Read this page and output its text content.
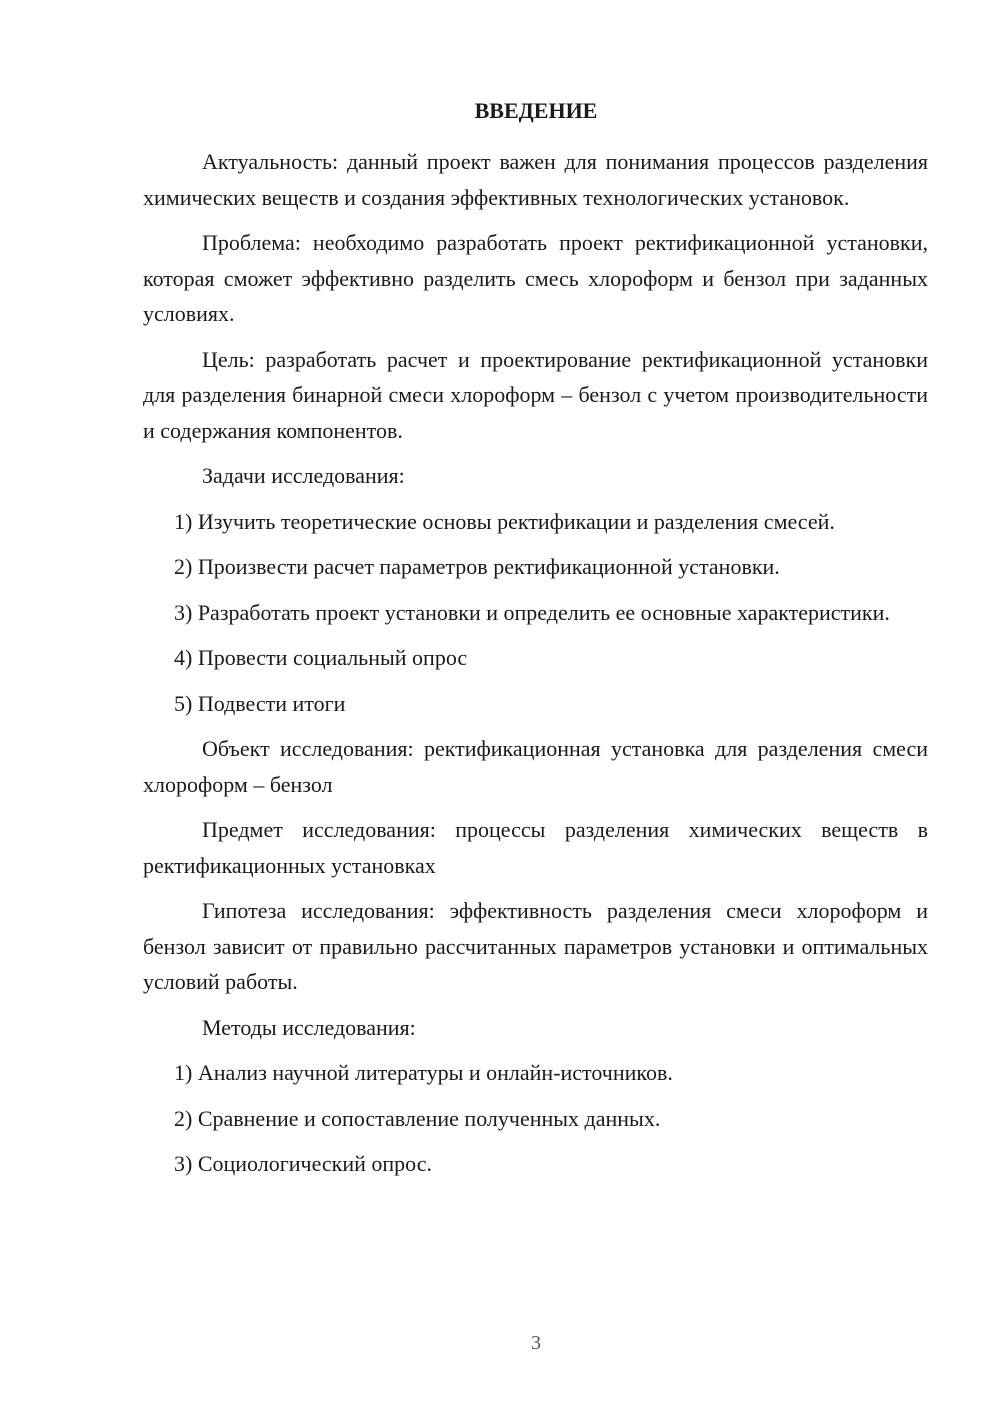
ВВЕДЕНИЕ

Актуальность: данный проект важен для понимания процессов разделения химических веществ и создания эффективных технологических установок.

Проблема: необходимо разработать проект ректификационной установки, которая сможет эффективно разделить смесь хлороформ и бензол при заданных условиях.

Цель: разработать расчет и проектирование ректификационной установки для разделения бинарной смеси хлороформ – бензол с учетом производительности и содержания компонентов.

Задачи исследования:

1) Изучить теоретические основы ректификации и разделения смесей.

2) Произвести расчет параметров ректификационной установки.

3) Разработать проект установки и определить ее основные характеристики.

4) Провести социальный опрос

5) Подвести итоги

Объект исследования: ректификационная установка для разделения смеси хлороформ – бензол

Предмет исследования: процессы разделения химических веществ в ректификационных установках

Гипотеза исследования: эффективность разделения смеси хлороформ и бензол зависит от правильно рассчитанных параметров установки и оптимальных условий работы.

Методы исследования:

1) Анализ научной литературы и онлайн-источников.

2) Сравнение и сопоставление полученных данных.

3) Социологический опрос.

3
